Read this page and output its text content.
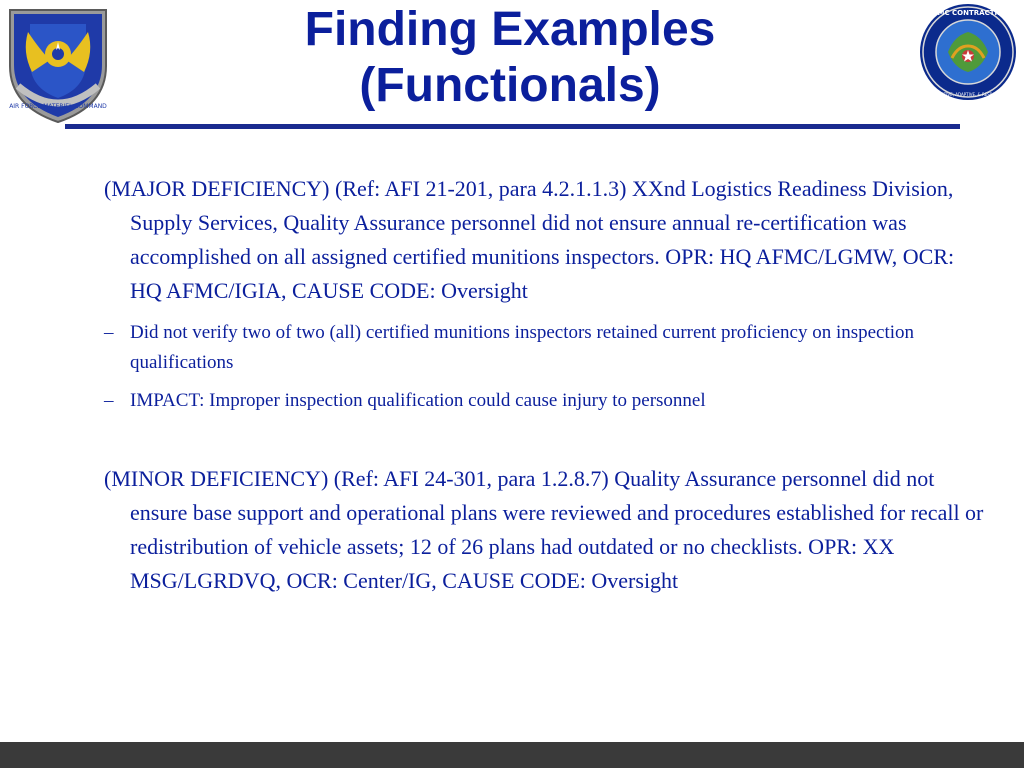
AIR FORCE MATERIEL COMMAND
Finding Examples
(Functionals)
AFMC CONTRACTING
INNOVATIVE, ADAPTIVE, & RESPONSIVE

(MAJOR DEFICIENCY) (Ref: AFI 21-201, para 4.2.1.1.3) XXnd Logistics Readiness Division, Supply Services, Quality Assurance personnel did not ensure annual re-certification was accomplished on all assigned certified munitions inspectors. OPR: HQ AFMC/LGMW, OCR: HQ AFMC/IGIA, CAUSE CODE: Oversight

– Did not verify two of two (all) certified munitions inspectors retained current proficiency on inspection qualifications

– IMPACT: Improper inspection qualification could cause injury to personnel

(MINOR DEFICIENCY) (Ref: AFI 24-301, para 1.2.8.7) Quality Assurance personnel did not ensure base support and operational plans were reviewed and procedures established for recall or redistribution of vehicle assets; 12 of 26 plans had outdated or no checklists. OPR: XX MSG/LGRDVQ, OCR: Center/IG, CAUSE CODE: Oversight
